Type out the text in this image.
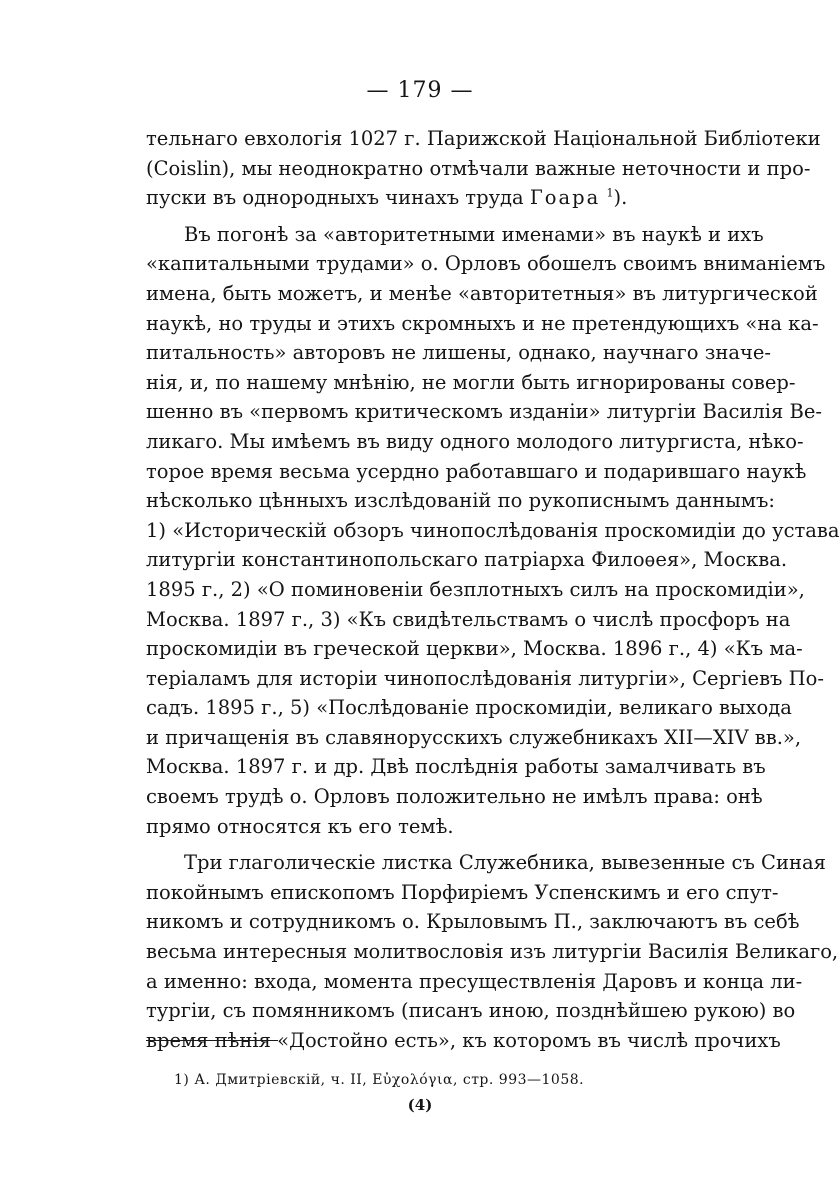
— 179 —
тельнаго евхологія 1027 г. Парижской Національной Библіотеки
(Coislin), мы неоднократно отмѣчали важные неточности и про-
пуски въ однородныхъ чинахъ труда Гоара $^1$).
Въ погонѣ за «авторитетными именами» въ наукѣ и ихъ
«капитальными трудами» о. Орловъ обошелъ своимъ вниманіемъ
имена, быть можетъ, и менѣе «авторитетныя» въ литургической
наукѣ, но труды и этихъ скромныхъ и не претендующихъ «на ка-
питальность» авторовъ не лишены, однако, научнаго значе-
нія, и, по нашему мнѣнію, не могли быть игнорированы совер-
шенно въ «первомъ критическомъ изданіи» литургіи Василія Ве-
ликаго. Мы имѣемъ въ виду одного молодого литургиста, нѣко-
торое время весьма усердно работавшаго и подарившаго наукѣ
нѣсколько цѣнныхъ изслѣдованій по рукописнымъ даннымъ:
1) «Историческій обзоръ чинопослѣдованія проскомидіи до устава
литургіи константинопольскаго патріарха Филоѳея», Москва.
1895 г., 2) «О поминовеніи безплотныхъ силъ на проскомидіи»,
Москва. 1897 г., 3) «Къ свидѣтельствамъ о числѣ просфоръ на
проскомидіи въ греческой церкви», Москва. 1896 г., 4) «Къ ма-
теріаламъ для исторіи чинопослѣдованія литургіи», Сергіевъ По-
садъ. 1895 г., 5) «Послѣдованіе проскомидіи, великаго выхода
и причащенія въ славянорусскихъ служебникахъ XII—XIV вв.»,
Москва. 1897 г. и др. Двѣ послѣднія работы замалчивать въ
своемъ трудѣ о. Орловъ положительно не имѣлъ права: онѣ
прямо относятся къ его темѣ.
Три глаголическіе листка Служебника, вывезенные съ Синая
покойнымъ епископомъ Порфиріемъ Успенскимъ и его спут-
никомъ и сотрудникомъ о. Крыловымъ П., заключаютъ въ себѣ
весьма интересныя молитвословія изъ литургіи Василія Великаго,
а именно: входа, момента пресуществленія Даровъ и конца ли-
тургіи, съ помянникомъ (писанъ иною, позднѣйшею рукою) во
время пѣнія «Достойно есть», къ которомъ въ числѣ прочихъ
1) А. Дмитріевскій, ч. II, Εὐχολόγια, стр. 993—1058.
(4)
